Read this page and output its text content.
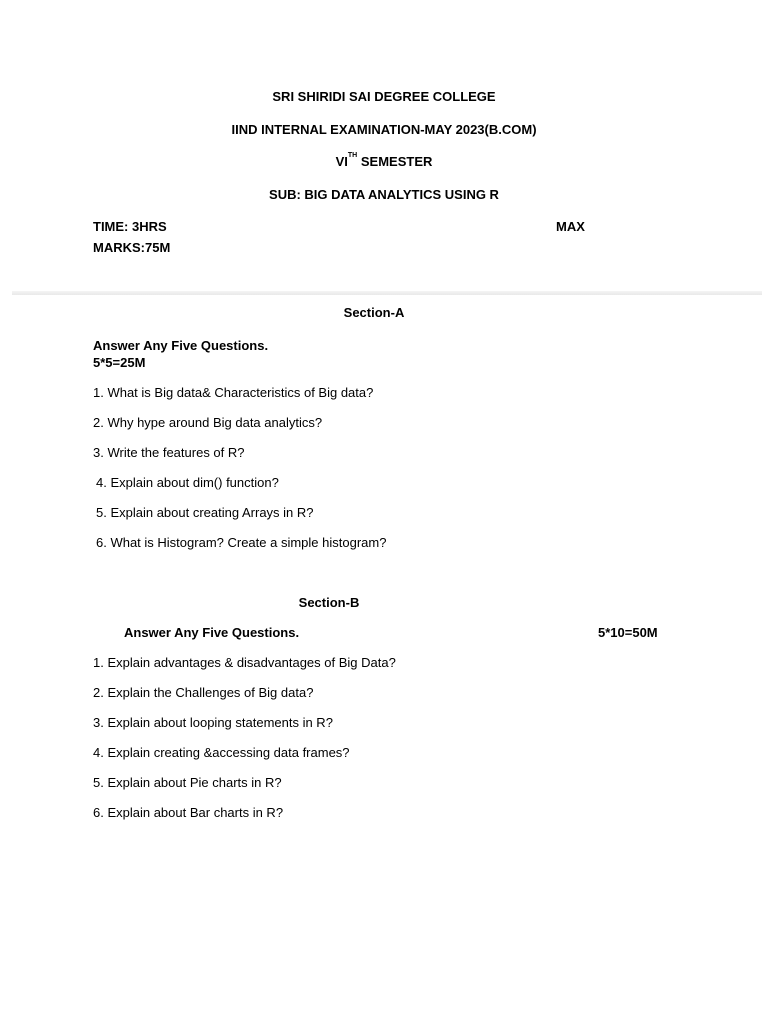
SRI SHIRIDI SAI DEGREE COLLEGE
IIND INTERNAL EXAMINATION-MAY 2023(B.COM)
VITH SEMESTER
SUB: BIG DATA ANALYTICS USING R
TIME: 3HRS	MAX
MARKS:75M
Section-A
Answer Any Five Questions.
5*5=25M
1. What is Big data& Characteristics of Big data?
2. Why hype around Big data analytics?
3. Write the features of R?
4. Explain about dim() function?
5. Explain about creating Arrays in R?
6. What is Histogram? Create a simple histogram?
Section-B
Answer Any Five Questions.	5*10=50M
1. Explain advantages & disadvantages of Big Data?
2. Explain the Challenges of Big data?
3. Explain about looping statements in R?
4. Explain creating &accessing data frames?
5. Explain about Pie charts in R?
6. Explain about Bar charts in R?
